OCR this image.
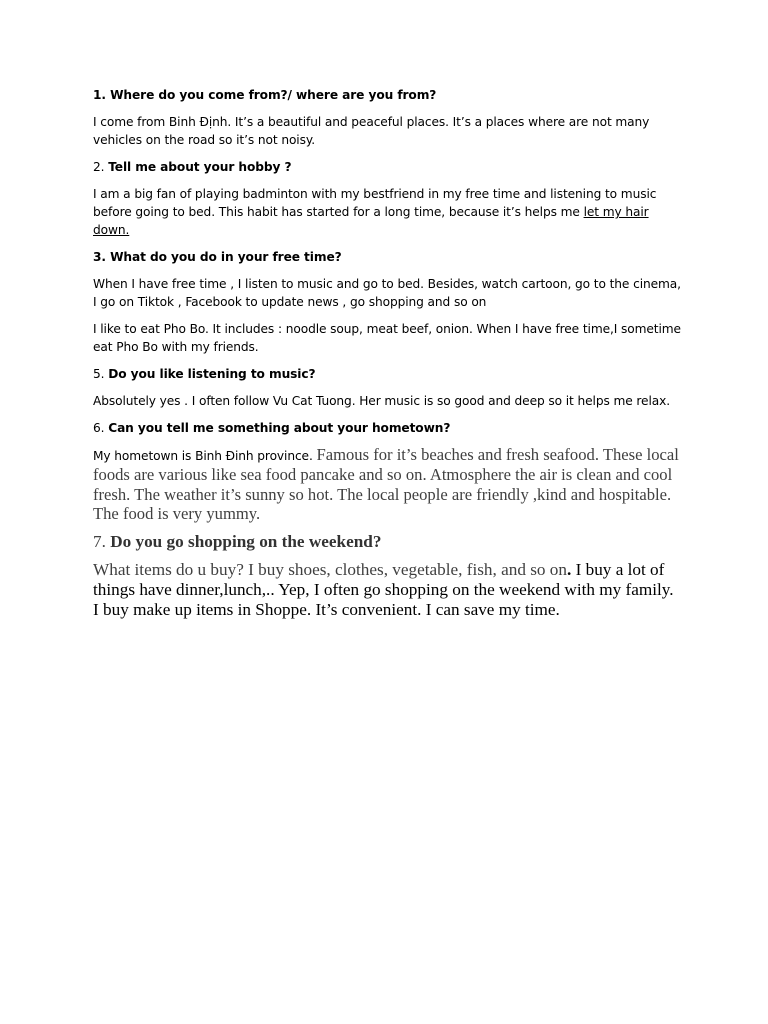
1. Where do you come from?/ where are you from?
I come from Binh Định. It’s a beautiful and peaceful places. It’s a places where are not many vehicles on the road so it’s not noisy.
2. Tell me about your hobby ?
I am a big fan of playing badminton with my bestfriend in my free time and listening to music before going to bed. This habit has started for a long time, because it’s helps me let my hair down.
3. What do you do in your free time?
When I have free time , I listen to music and go to bed. Besides, watch cartoon, go to the cinema, I go on Tiktok , Facebook to update news , go shopping and so on
I like to eat Pho Bo. It includes : noodle soup, meat beef, onion. When I have free time,I sometime eat Pho Bo with my friends.
5. Do you like listening to music?
Absolutely yes . I often follow Vu Cat Tuong. Her music is so good and deep so it helps me relax.
6. Can you tell me something about your hometown?
My hometown is Binh Đinh province. Famous for it’s beaches and fresh seafood. These local foods are various like sea food pancake and so on. Atmosphere the air is clean and cool fresh. The weather it’s sunny so hot. The local people are friendly ,kind and hospitable. The food is very yummy.
7. Do you go shopping on the weekend?
What items do u buy? I buy shoes, clothes, vegetable, fish, and so on. I buy a lot of things have dinner,lunch,.. Yep, I often go shopping on the weekend with my family. I buy make up items in Shoppe. It’s convenient. I can save my time.
